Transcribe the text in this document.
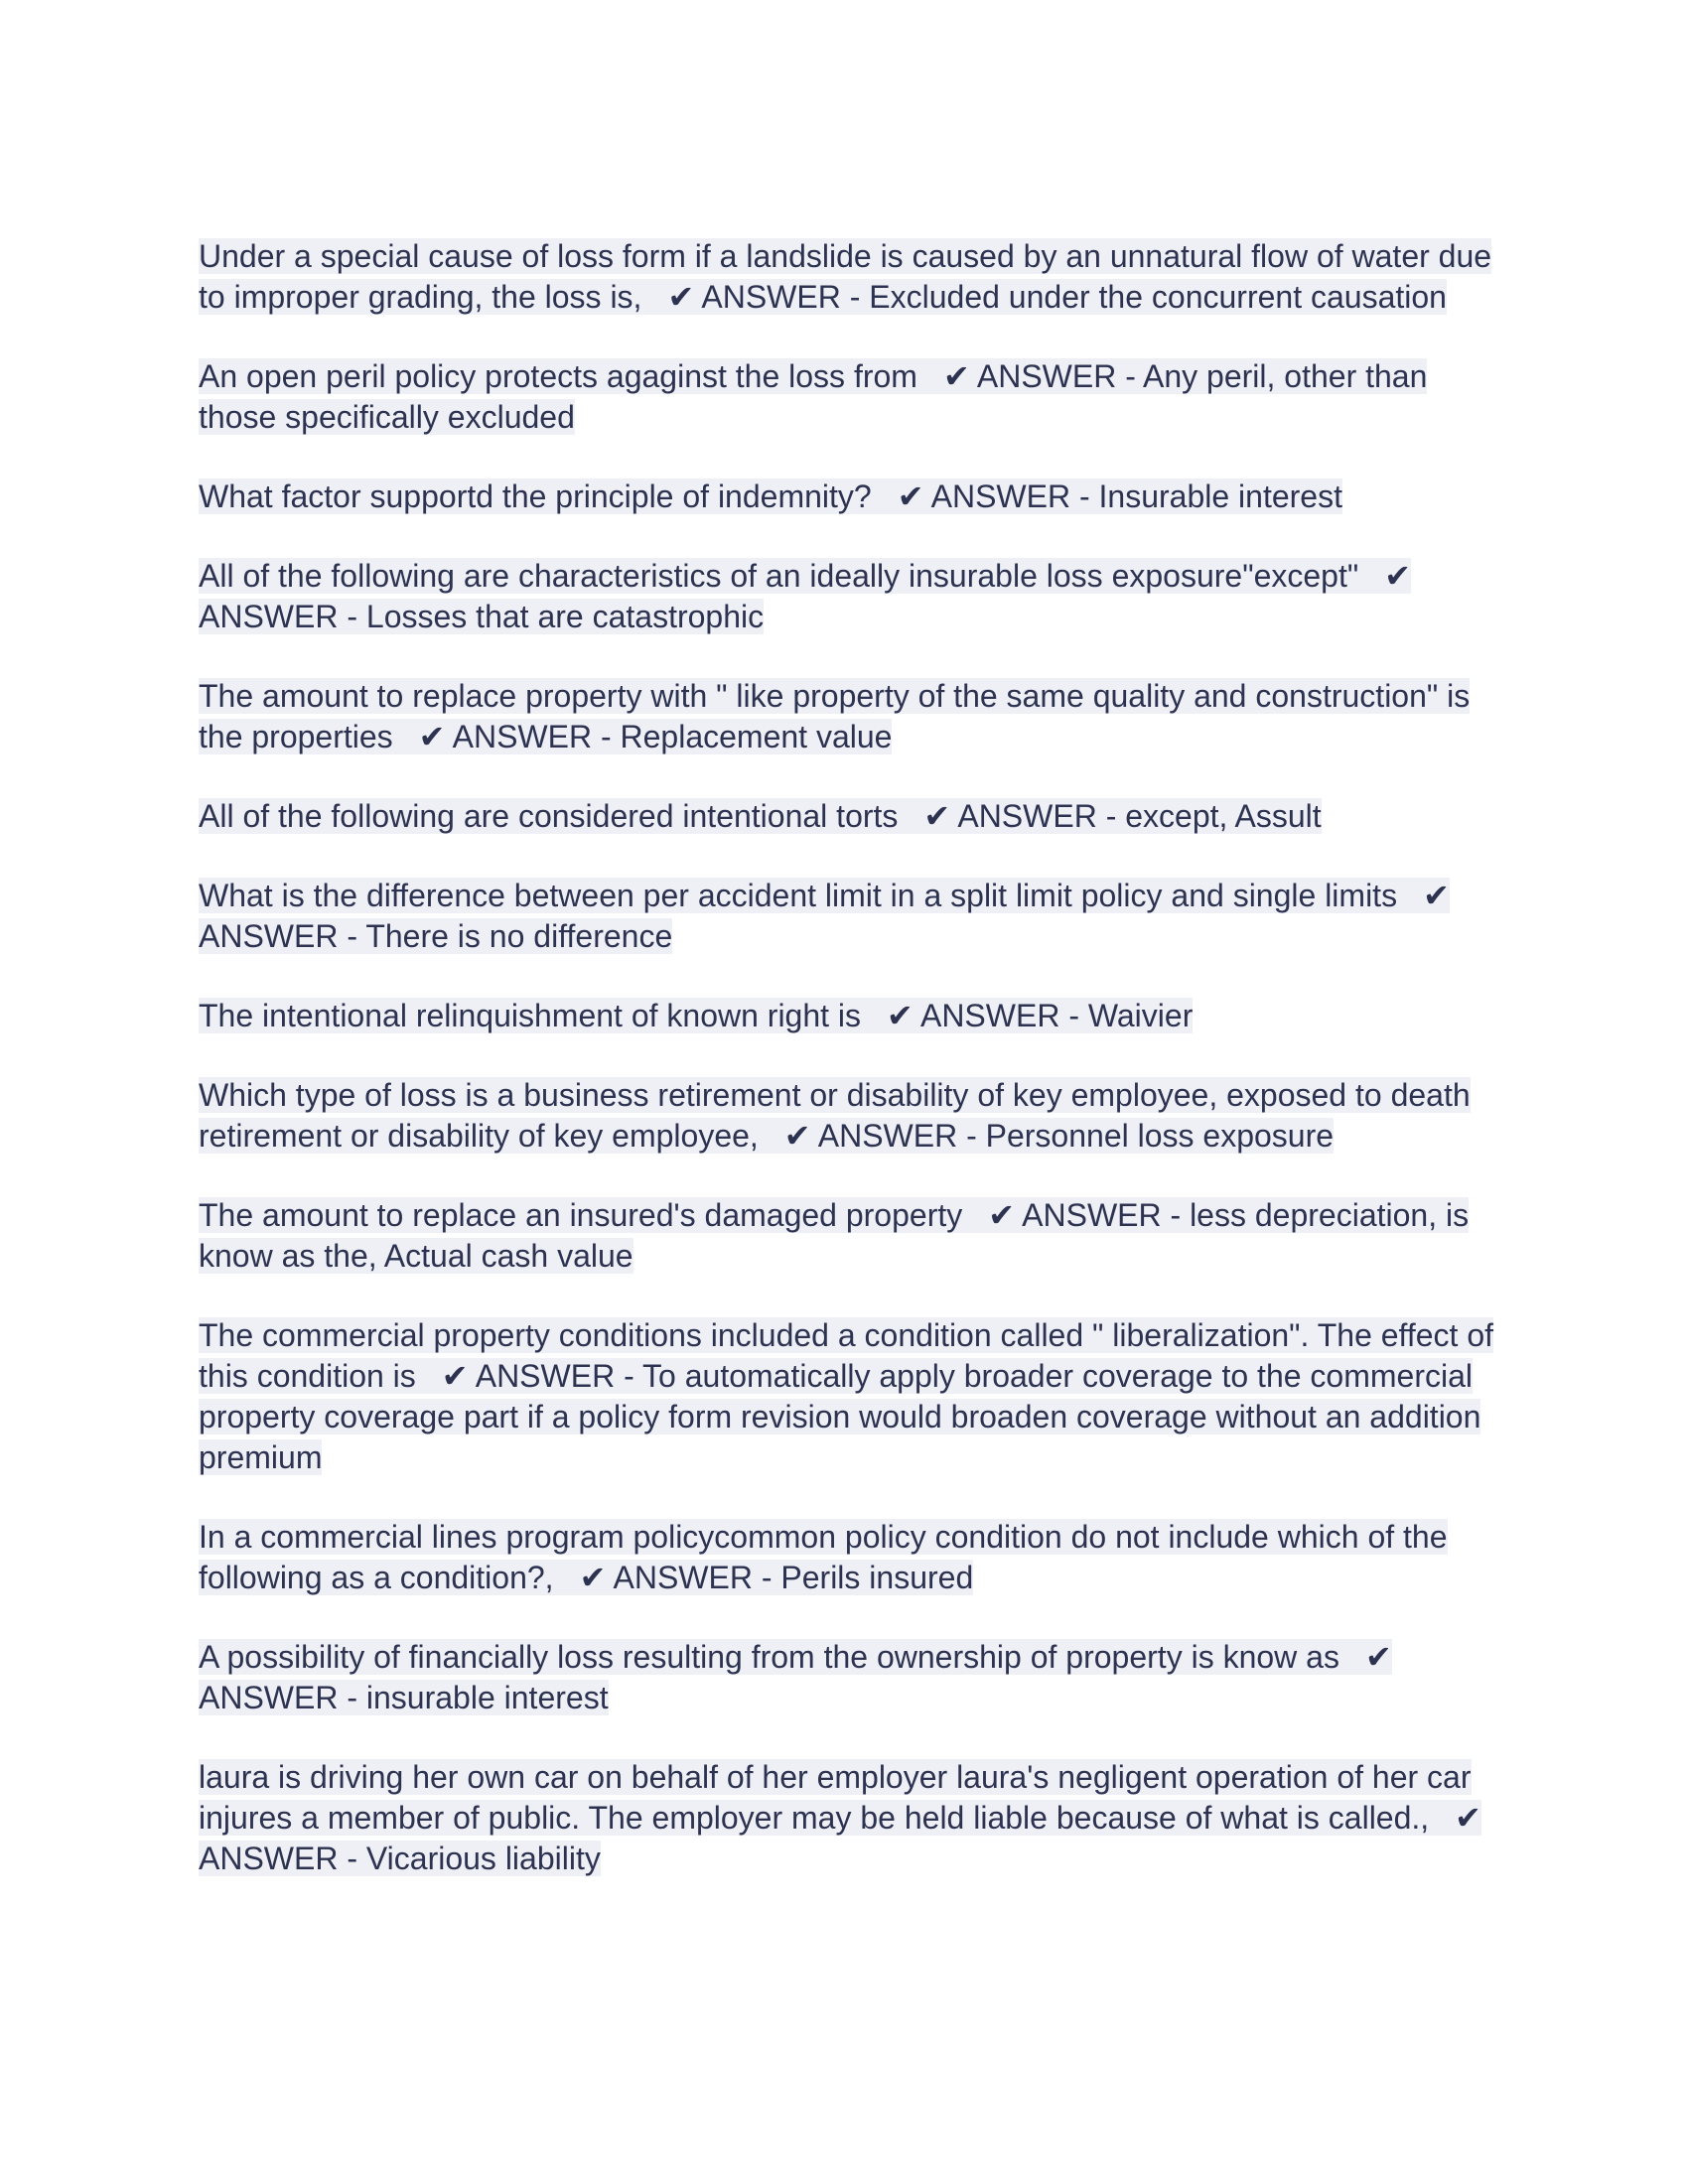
Under a special cause of loss form if a landslide is caused by an unnatural flow of water due to improper grading, the loss is, ✔ ANSWER - Excluded under the concurrent causation

An open peril policy protects agaginst the loss from ✔ ANSWER - Any peril, other than those specifically excluded

What factor supportd the principle of indemnity? ✔ ANSWER - Insurable interest

All of the following are characteristics of an ideally insurable loss exposure"except" ✔ ANSWER - Losses that are catastrophic

The amount to replace property with " like property of the same quality and construction" is the properties ✔ ANSWER - Replacement value

All of the following are considered intentional torts ✔ ANSWER - except, Assult

What is the difference between per accident limit in a split limit policy and single limits ✔ ANSWER - There is no difference

The intentional relinquishment of known right is ✔ ANSWER - Waivier

Which type of loss is a business retirement or disability of key employee, exposed to death retirement or disability of key employee, ✔ ANSWER - Personnel loss exposure

The amount to replace an insured's damaged property ✔ ANSWER - less depreciation, is know as the, Actual cash value

The commercial property conditions included a condition called " liberalization". The effect of this condition is ✔ ANSWER - To automatically apply broader coverage to the commercial property coverage part if a policy form revision would broaden coverage without an addition premium

In a commercial lines program policycommon policy condition do not include which of the following as a condition?, ✔ ANSWER - Perils insured

A possibility of financially loss resulting from the ownership of property is know as ✔ ANSWER - insurable interest

laura is driving her own car on behalf of her employer laura's negligent operation of her car injures a member of public. The employer may be held liable because of what is called., ✔ ANSWER - Vicarious liability
